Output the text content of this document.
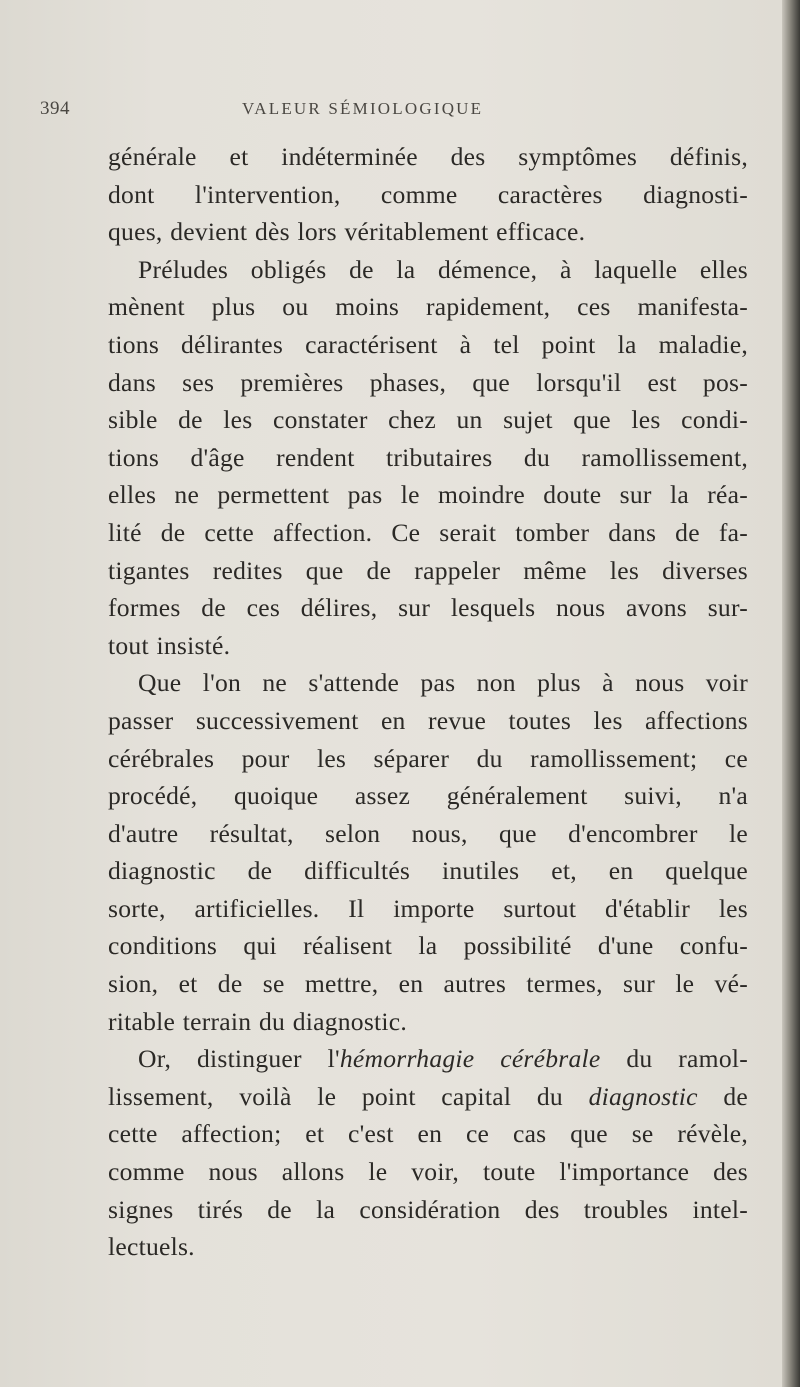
394	VALEUR SÉMIOLOGIQUE
générale et indéterminée des symptômes définis,
dont l'intervention, comme caractères diagnosti-
ques, devient dès lors véritablement efficace.
Préludes obligés de la démence, à laquelle elles
mènent plus ou moins rapidement, ces manifesta-
tions délirantes caractérisent à tel point la maladie,
dans ses premières phases, que lorsqu'il est pos-
sible de les constater chez un sujet que les condi-
tions d'âge rendent tributaires du ramollissement,
elles ne permettent pas le moindre doute sur la réa-
lité de cette affection. Ce serait tomber dans de fa-
tigantes redites que de rappeler même les diverses
formes de ces délires, sur lesquels nous avons sur-
tout insisté.
Que l'on ne s'attende pas non plus à nous voir
passer successivement en revue toutes les affections
cérébrales pour les séparer du ramollissement; ce
procédé, quoique assez généralement suivi, n'a
d'autre résultat, selon nous, que d'encombrer le
diagnostic de difficultés inutiles et, en quelque
sorte, artificielles. Il importe surtout d'établir les
conditions qui réalisent la possibilité d'une confu-
sion, et de se mettre, en autres termes, sur le vé-
ritable terrain du diagnostic.
Or, distinguer l'hémorrhagie cérébrale du ramol-
lissement, voilà le point capital du diagnostic de
cette affection; et c'est en ce cas que se révèle,
comme nous allons le voir, toute l'importance des
signes tirés de la considération des troubles intel-
lectuels.
